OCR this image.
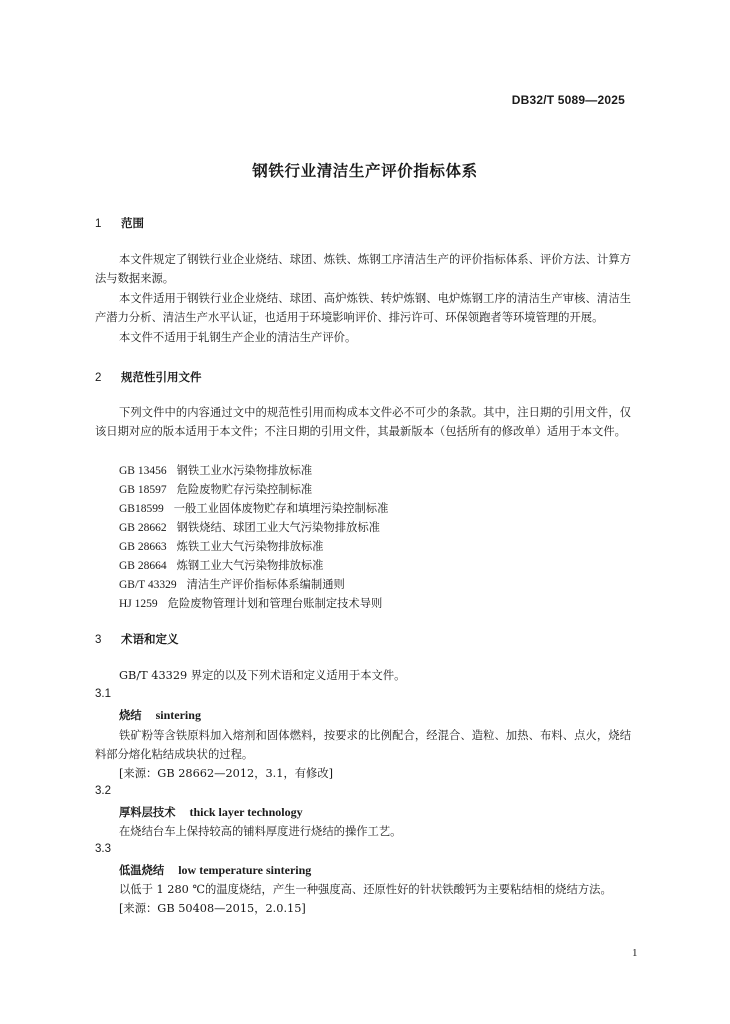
DB32/T 5089—2025
钢铁行业清洁生产评价指标体系
1 范围
本文件规定了钢铁行业企业烧结、球团、炼铁、炼钢工序清洁生产的评价指标体系、评价方法、计算方法与数据来源。
本文件适用于钢铁行业企业烧结、球团、高炉炼铁、转炉炼钢、电炉炼钢工序的清洁生产审核、清洁生产潜力分析、清洁生产水平认证，也适用于环境影响评价、排污许可、环保领跑者等环境管理的开展。
本文件不适用于轧钢生产企业的清洁生产评价。
2 规范性引用文件
下列文件中的内容通过文中的规范性引用而构成本文件必不可少的条款。其中，注日期的引用文件，仅该日期对应的版本适用于本文件；不注日期的引用文件，其最新版本（包括所有的修改单）适用于本文件。
GB 13456 钢铁工业水污染物排放标准
GB 18597 危险废物贮存污染控制标准
GB18599 一般工业固体废物贮存和填埋污染控制标准
GB 28662 钢铁烧结、球团工业大气污染物排放标准
GB 28663 炼铁工业大气污染物排放标准
GB 28664 炼钢工业大气污染物排放标准
GB/T 43329 清洁生产评价指标体系编制通则
HJ 1259 危险废物管理计划和管理台账制定技术导则
3 术语和定义
GB/T 43329 界定的以及下列术语和定义适用于本文件。
3.1
烧结 sintering
铁矿粉等含铁原料加入熔剂和固体燃料，按要求的比例配合，经混合、造粒、加热、布料、点火，烧结料部分熔化粘结成块状的过程。
[来源：GB 28662—2012，3.1，有修改]
3.2
厚料层技术 thick layer technology
在烧结台车上保持较高的铺料厚度进行烧结的操作工艺。
3.3
低温烧结 low temperature sintering
以低于 1 280 ℃的温度烧结，产生一种强度高、还原性好的针状铁酸钙为主要粘结相的烧结方法。
[来源：GB 50408—2015，2.0.15]
1
